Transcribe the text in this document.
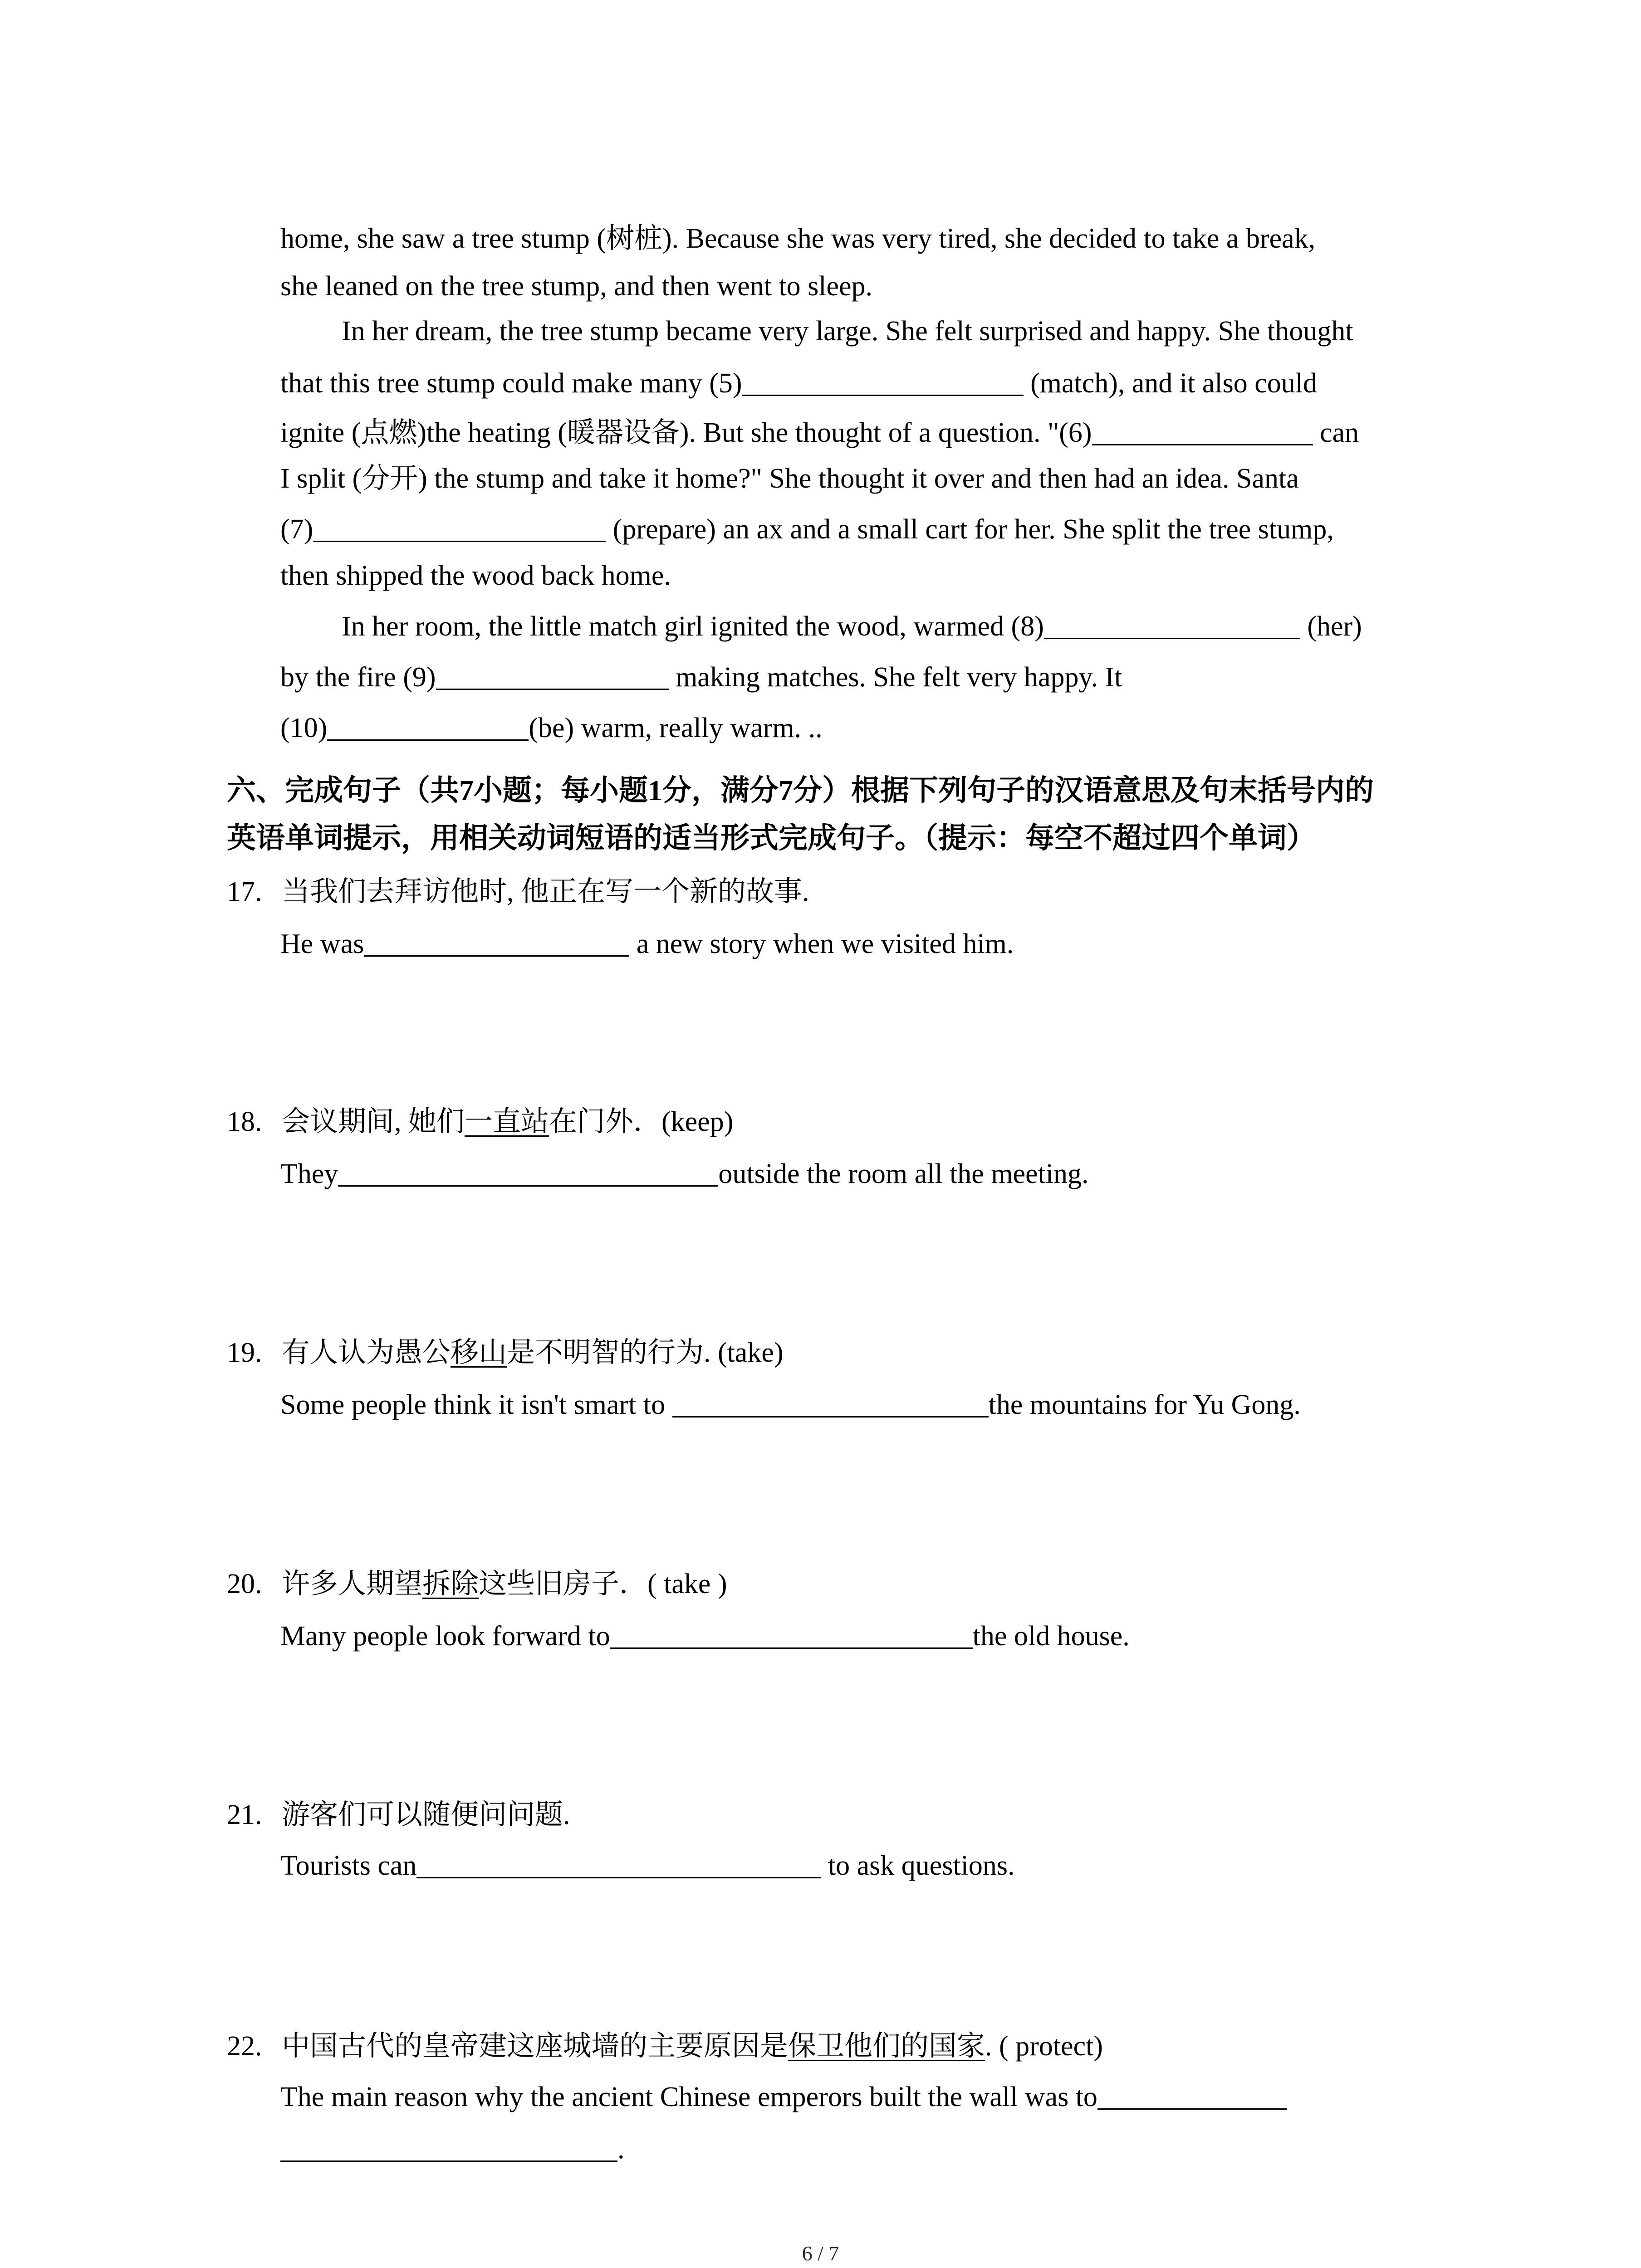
home, she saw a tree stump (树桩). Because she was very tired, she decided to take a break,
she leaned on the tree stump, and then went to sleep.
In her dream, the tree stump became very large. She felt surprised and happy. She thought
that this tree stump could make many (5)	(match), and it also could
ignite (点燃)the heating (暖器设备). But she thought of a question. "(6)	can
I split (分开) the stump and take it home?" She thought it over and then had an idea. Santa
(7)	(prepare) an ax and a small cart for her. She split the tree stump,
then shipped the wood back home.
In her room, the little match girl ignited the wood, warmed (8)	(her)
by the fire (9)	making matches. She felt very happy. It
(10)	(be) warm, really warm. ..
六、完成句子（共7小题；每小题1分，满分7分）根据下列句子的汉语意思及句末括号内的
英语单词提示，用相关动词短语的适当形式完成句子。（提示：每空不超过四个单词）
17. 当我们去拜访他时, 他正在写一个新的故事.
He was	a new story when we visited him.
18. 会议期间, 她们一直站在门外．(keep)
They	outside the room all the meeting.
19. 有人认为愚公移山是不明智的行为. (take)
Some people think it isn't smart to	the mountains for Yu Gong.
20. 许多人期望拆除这些旧房子．( take )
Many people look forward to	the old house.
21. 游客们可以随便问问题.
Tourists can	to ask questions.
22. 中国古代的皇帝建这座城墙的主要原因是保卫他们的国家. ( protect)
The main reason why the ancient Chinese emperors built the wall was to
.
6 / 7
